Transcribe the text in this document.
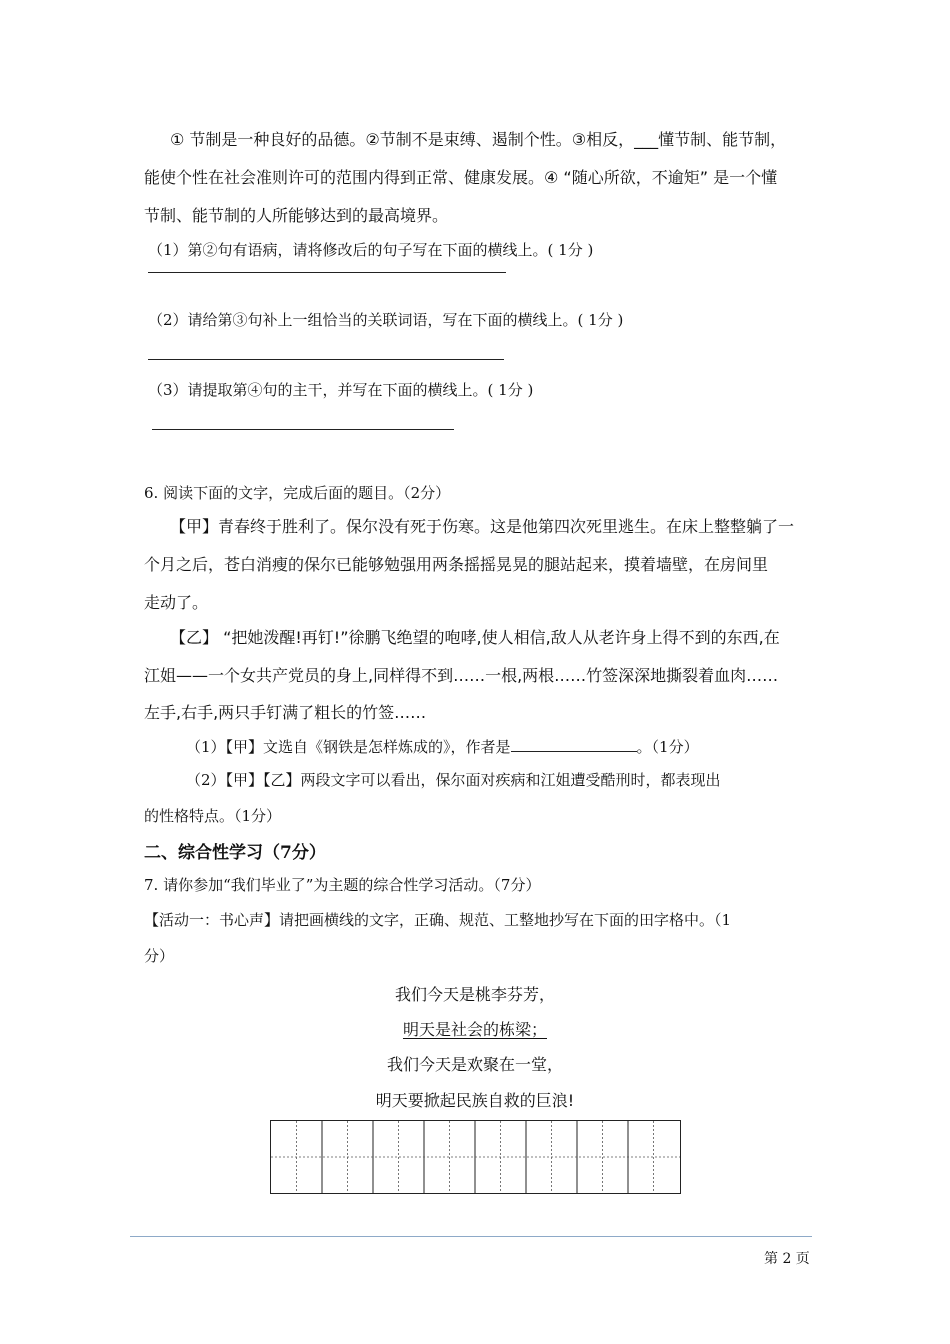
① 节制是一种良好的品德。②节制不是束缚、遏制个性。③相反，___懂节制、能节制，
能使个性在社会准则许可的范围内得到正常、健康发展。④ “随心所欲，不逾矩” 是一个懂
节制、能节制的人所能够达到的最高境界。
（1）第②句有语病，请将修改后的句子写在下面的横线上。( 1分 )
（2）请给第③句补上一组恰当的关联词语，写在下面的横线上。( 1分 )
（3）请提取第④句的主干，并写在下面的横线上。( 1分 )
6. 阅读下面的文字，完成后面的题目。（2分）
【甲】青春终于胜利了。保尔没有死于伤寒。这是他第四次死里逃生。在床上整整躺了一
个月之后，苍白消瘦的保尔已能够勉强用两条摇摇晃晃的腿站起来，摸着墙壁，在房间里
走动了。
【乙】 “把她泼醒!再钉!”徐鹏飞绝望的咆哮,使人相信,敌人从老许身上得不到的东西,在
江姐——一个女共产党员的身上,同样得不到……一根,两根……竹签深深地撕裂着血肉……
左手,右手,两只手钉满了粗长的竹签……
（1）【甲】文选自《钢铁是怎样炼成的》，作者是	。（1分）
（2）【甲】【乙】两段文字可以看出，保尔面对疾病和江姐遭受酷刑时，都表现出
的性格特点。（1分）
二、综合性学习（7分）
7. 请你参加“我们毕业了”为主题的综合性学习活动。（7分）
【活动一：书心声】请把画横线的文字，正确、规范、工整地抄写在下面的田字格中。（1
分）
我们今天是桃李芬芳，
明天是社会的栋梁；
我们今天是欢聚在一堂，
明天要掀起民族自救的巨浪!
第 2 页
